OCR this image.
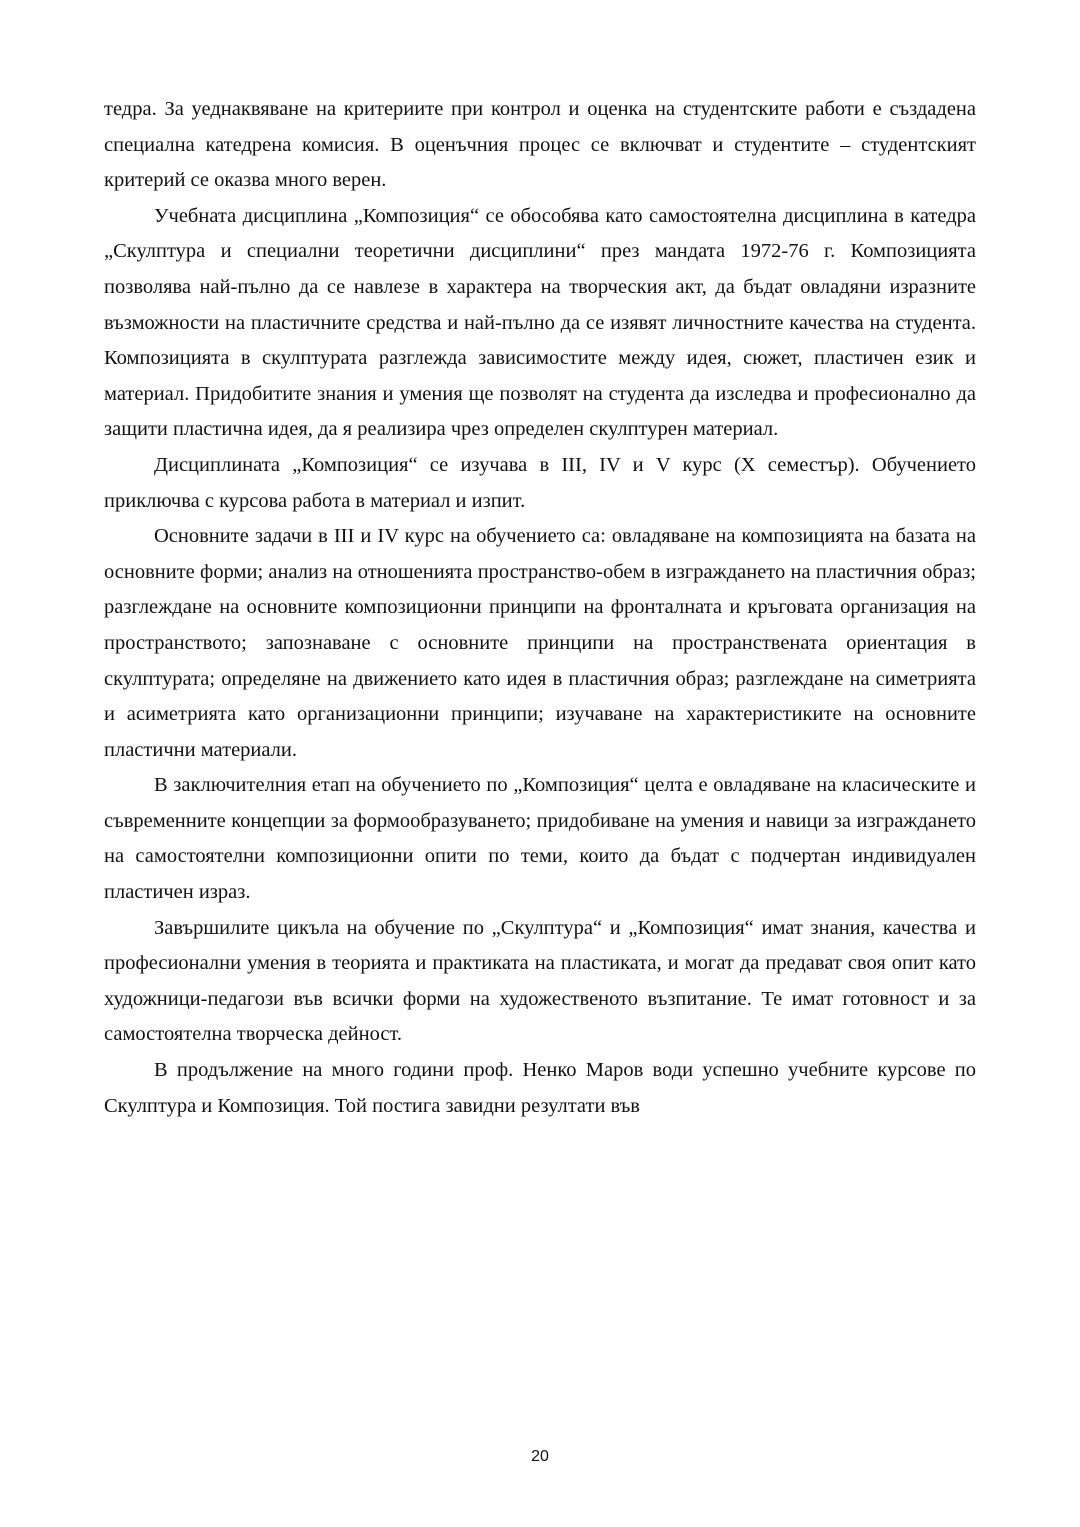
тедра. За уеднаквяване на критериите при контрол и оценка на студентските работи е създадена специална катедрена комисия. В оценъчния процес се включват и студентите – студентският критерий се оказва много верен.

Учебната дисциплина „Композиция“ се обособява като самостоятелна дисциплина в катедра „Скулптура и специални теоретични дисциплини“ през мандата 1972-76 г. Композицията позволява най-пълно да се навлезе в характера на творческия акт, да бъдат овладяни изразните възможности на пластичните средства и най-пълно да се изявят личностните качества на студента. Композицията в скулптурата разглежда зависимостите между идея, сюжет, пластичен език и материал. Придобитите знания и умения ще позволят на студента да изследва и професионално да защити пластична идея, да я реализира чрез определен скулптурен материал.

Дисциплината „Композиция“ се изучава в III, IV и V курс (X семестър). Обучението приключва с курсова работа в материал и изпит.

Основните задачи в III и IV курс на обучението са: овладяване на композицията на базата на основните форми; анализ на отношенията пространство-обем в изграждането на пластичния образ; разглеждане на основните композиционни принципи на фронталната и кръговата организация на пространството; запознаване с основните принципи на пространствената ориентация в скулптурата; определяне на движението като идея в пластичния образ; разглеждане на симетрията и асиметрията като организационни принципи; изучаване на характеристиките на основните пластични материали.

В заключителния етап на обучението по „Композиция“ целта е овладяване на класическите и съвременните концепции за формообразуването; придобиване на умения и навици за изграждането на самостоятелни композиционни опити по теми, които да бъдат с подчертан индивидуален пластичен израз.

Завършилите цикъла на обучение по „Скулптура“ и „Композиция“ имат знания, качества и професионални умения в теорията и практиката на пластиката, и могат да предават своя опит като художници-педагози във всички форми на художественото възпитание. Те имат готовност и за самостоятелна творческа дейност.

В продължение на много години проф. Ненко Маров води успешно учебните курсове по Скулптура и Композиция. Той постига завидни резултати във

20
